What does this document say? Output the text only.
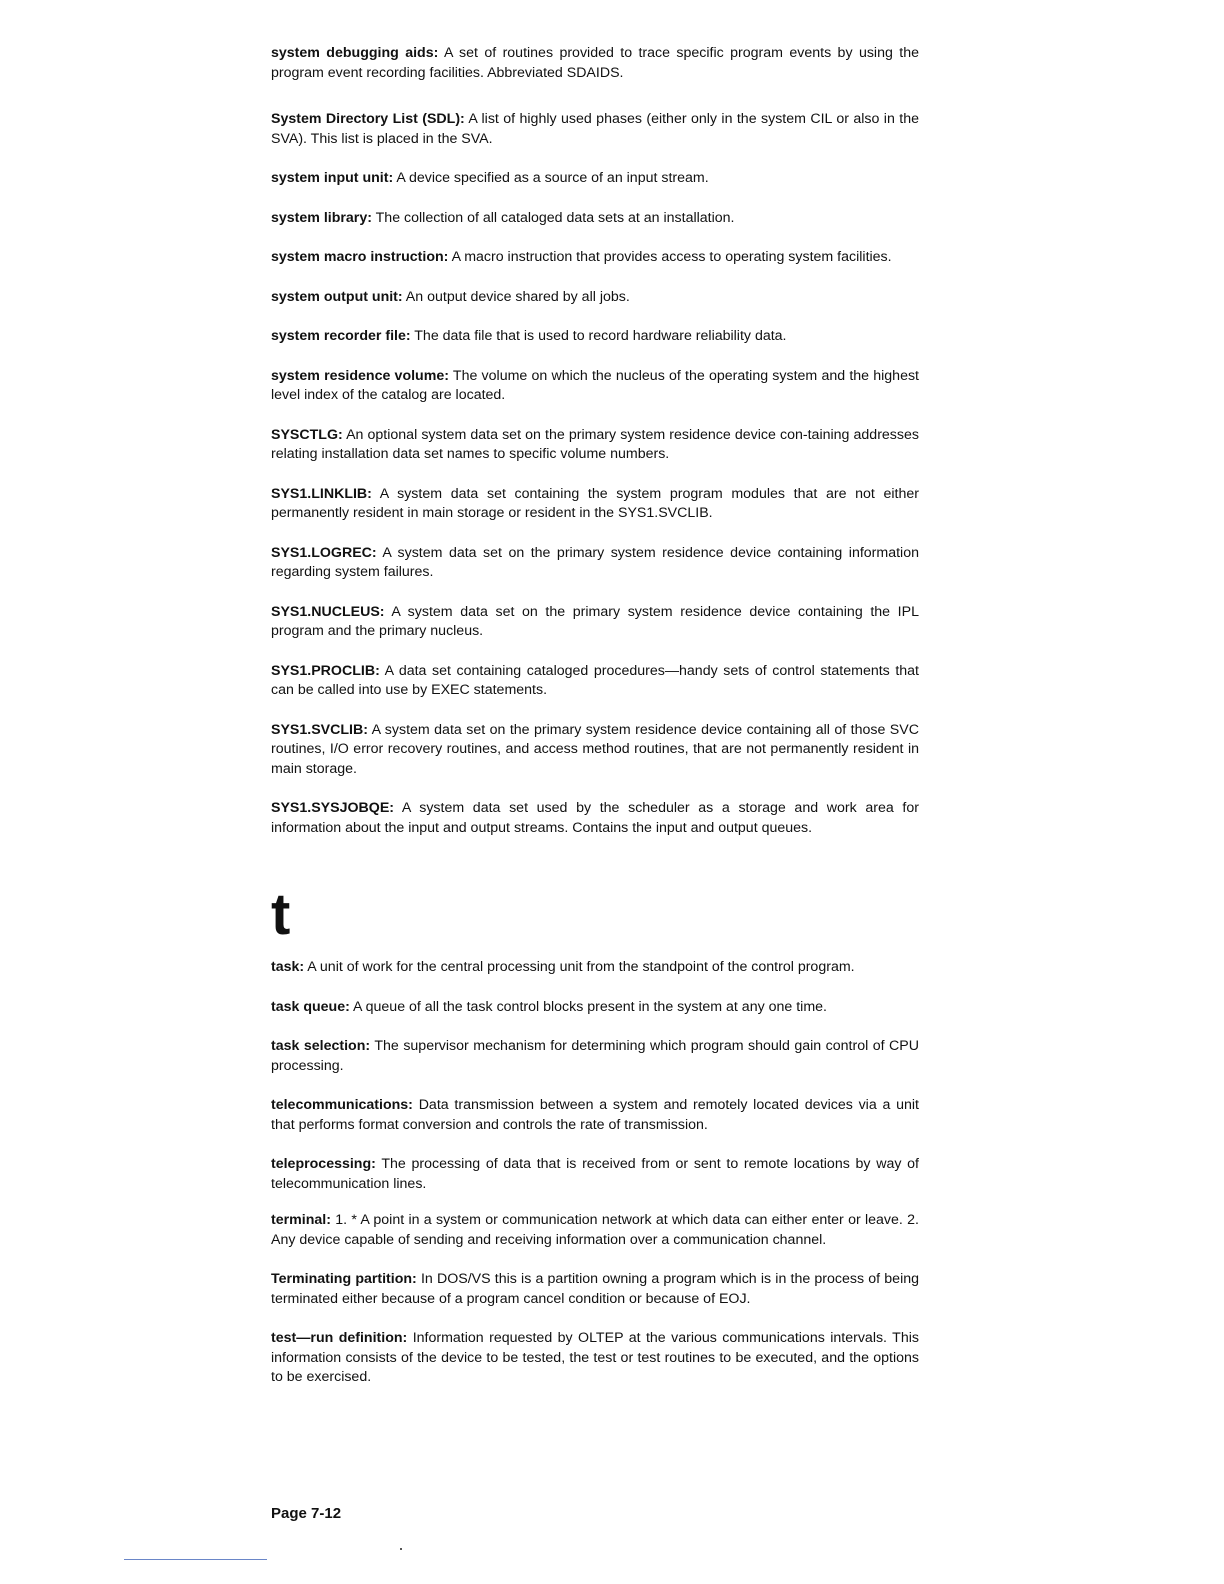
system debugging aids: A set of routines provided to trace specific program events by using the program event recording facilities. Abbreviated SDAIDS.

System Directory List (SDL): A list of highly used phases (either only in the system CIL or also in the SVA). This list is placed in the SVA.

system input unit: A device specified as a source of an input stream.

system library: The collection of all cataloged data sets at an installation.

system macro instruction: A macro instruction that provides access to operating system facilities.

system output unit: An output device shared by all jobs.

system recorder file: The data file that is used to record hardware reliability data.

system residence volume: The volume on which the nucleus of the operating system and the highest level index of the catalog are located.

SYSCTLG: An optional system data set on the primary system residence device con-taining addresses relating installation data set names to specific volume numbers.

SYS1.LINKLIB: A system data set containing the system program modules that are not either permanently resident in main storage or resident in the SYS1.SVCLIB.

SYS1.LOGREC: A system data set on the primary system residence device containing information regarding system failures.

SYS1.NUCLEUS: A system data set on the primary system residence device containing the IPL program and the primary nucleus.

SYS1.PROCLIB: A data set containing cataloged procedures—handy sets of control statements that can be called into use by EXEC statements.

SYS1.SVCLIB: A system data set on the primary system residence device containing all of those SVC routines, I/O error recovery routines, and access method routines, that are not permanently resident in main storage.

SYS1.SYSJOBQE: A system data set used by the scheduler as a storage and work area for information about the input and output streams. Contains the input and output queues.

t

task: A unit of work for the central processing unit from the standpoint of the control program.

task queue: A queue of all the task control blocks present in the system at any one time.

task selection: The supervisor mechanism for determining which program should gain control of CPU processing.

telecommunications: Data transmission between a system and remotely located devices via a unit that performs format conversion and controls the rate of transmission.

teleprocessing: The processing of data that is received from or sent to remote locations by way of telecommunication lines.

terminal: 1. * A point in a system or communication network at which data can either enter or leave. 2. Any device capable of sending and receiving information over a communication channel.

Terminating partition: In DOS/VS this is a partition owning a program which is in the process of being terminated either because of a program cancel condition or because of EOJ.

test—run definition: Information requested by OLTEP at the various communications intervals. This information consists of the device to be tested, the test or test routines to be executed, and the options to be exercised.

Page 7-12
